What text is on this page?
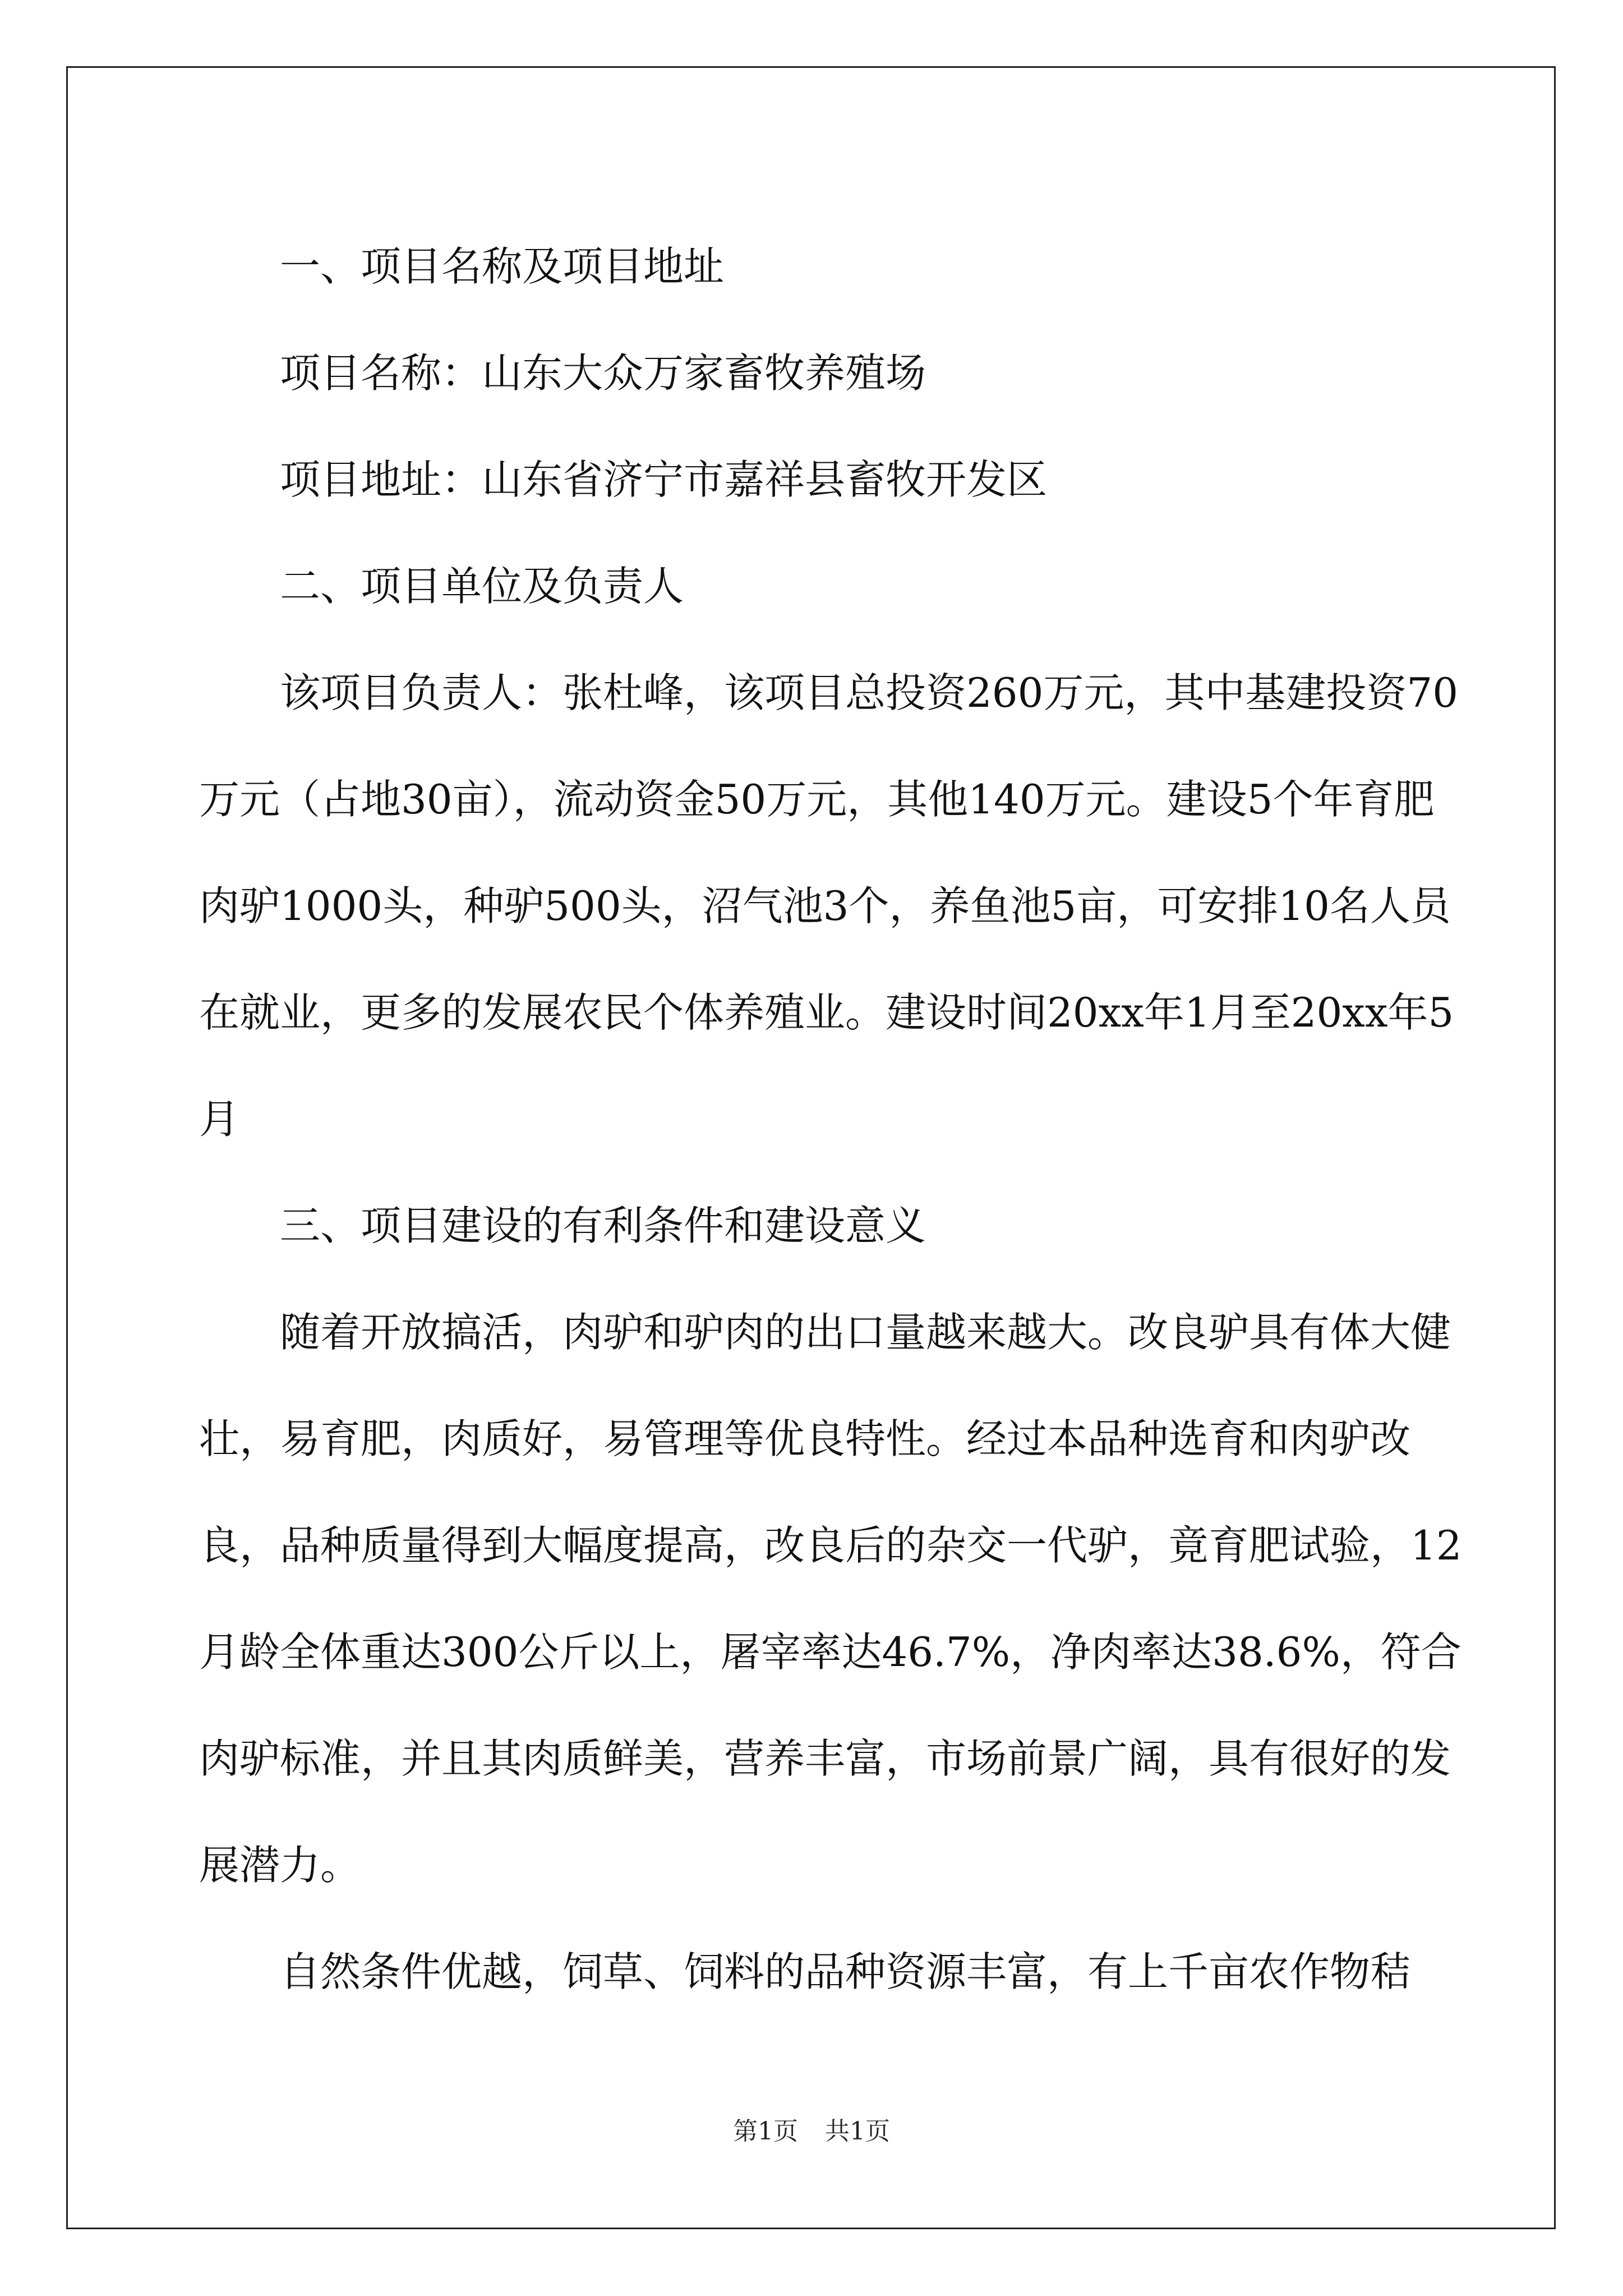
一、项目名称及项目地址

项目名称：山东大众万家畜牧养殖场

项目地址：山东省济宁市嘉祥县畜牧开发区

二、项目单位及负责人

该项目负责人：张杜峰，该项目总投资260万元，其中基建投资70万元（占地30亩），流动资金50万元，其他140万元。建设5个年育肥肉驴1000头，种驴500头，沼气池3个，养鱼池5亩，可安排10名人员在就业，更多的发展农民个体养殖业。建设时间20xx年1月至20xx年5月

三、项目建设的有利条件和建设意义

随着开放搞活，肉驴和驴肉的出口量越来越大。改良驴具有体大健壮，易育肥，肉质好，易管理等优良特性。经过本品种选育和肉驴改良，品种质量得到大幅度提高，改良后的杂交一代驴，竟育肥试验，12月龄全体重达300公斤以上，屠宰率达46.7%，净肉率达38.6%，符合肉驴标准，并且其肉质鲜美，营养丰富，市场前景广阔，具有很好的发展潜力。

自然条件优越，饲草、饲料的品种资源丰富，有上千亩农作物秸

第1页 共1页
